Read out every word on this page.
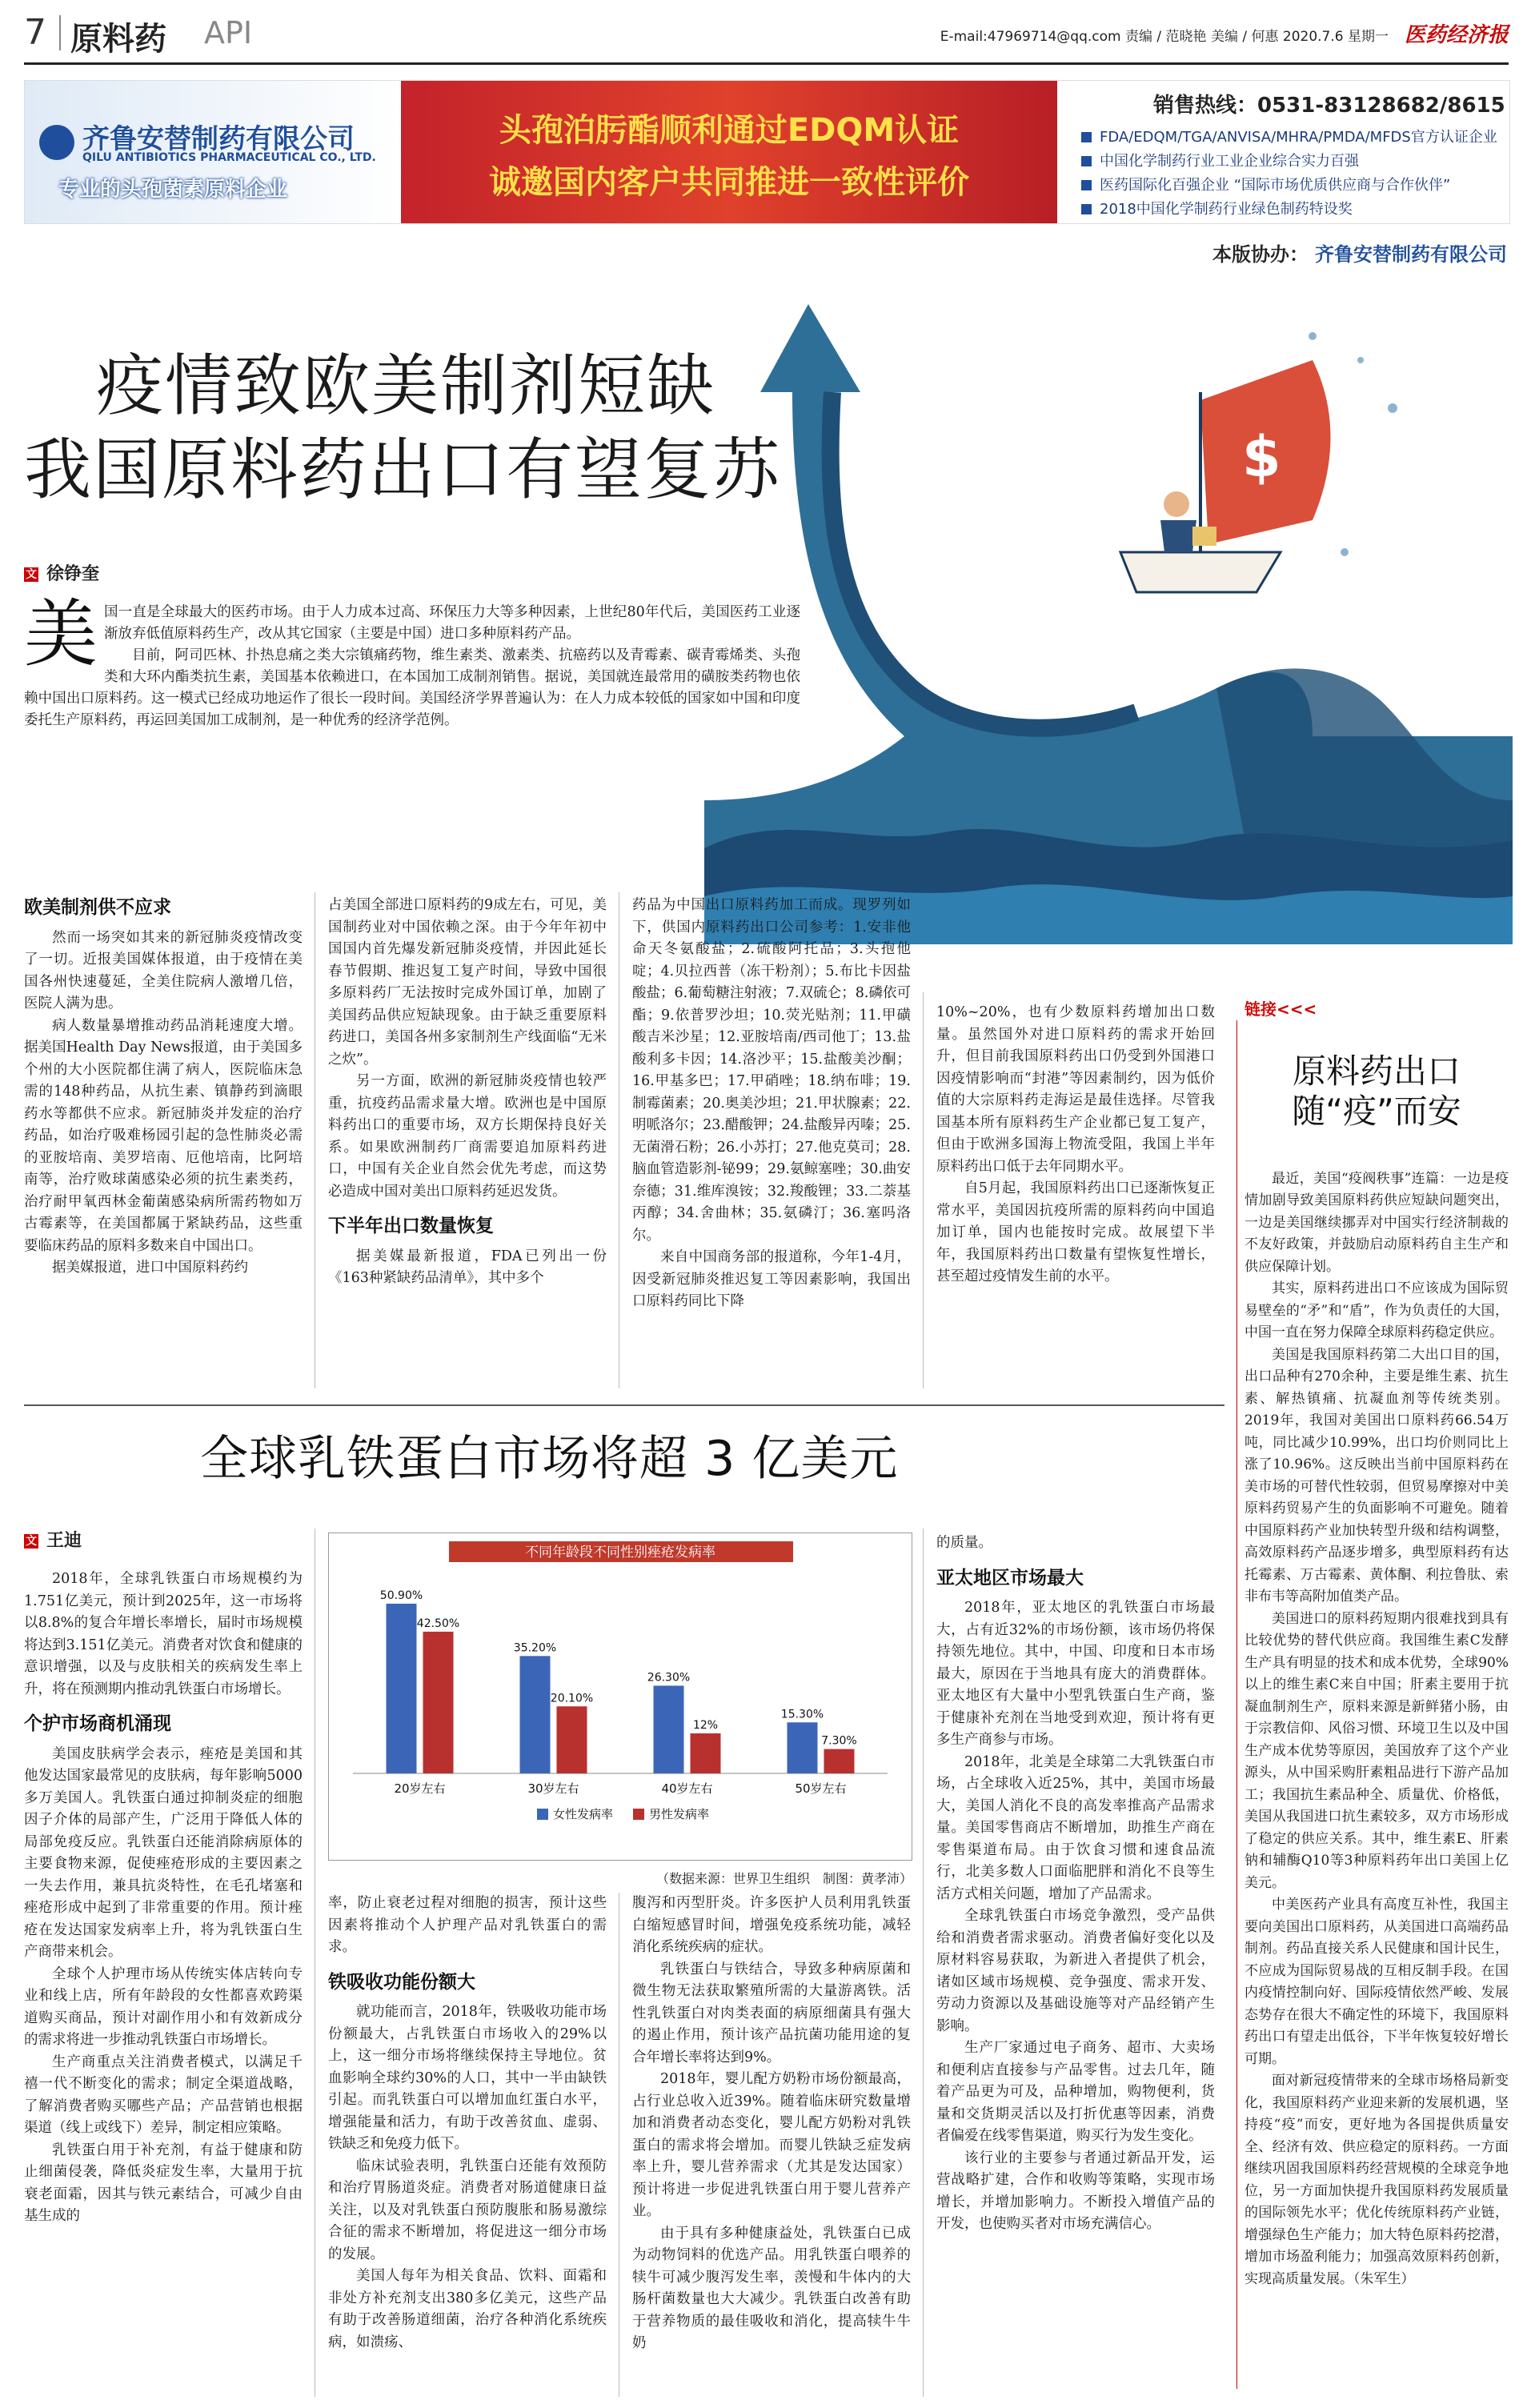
7 原料药 API	E-mail:47969714@qq.com 责编 / 范晓艳 美编 / 何惠 2020.7.6 星期一 医药经济报
齐鲁安替制药有限公司
QILU ANTIBIOTICS PHARMACEUTICAL CO., LTD.
专业的头孢菌素原料企业
头孢泊肟酯顺利通过EDQM认证
诚邀国内客户共同推进一致性评价
销售热线：0531-83128682/8615
FDA/EDQM/TGA/ANVISA/MHRA/PMDA/MFDS官方认证企业
中国化学制药行业工业企业综合实力百强
医药国际化百强企业 “国际市场优质供应商与合作伙伴”
2018中国化学制药行业绿色制药特设奖
本版协办： 齐鲁安替制药有限公司
$
疫情致欧美制剂短缺
我国原料药出口有望复苏
文 徐铮奎
美 国一直是全球最大的医药市场。由于人力成本过高、环保压力大等多种因素，上世纪80年代后，美国医药工业逐渐放弃低值原料药生产，改从其它国家（主要是中国）进口多种原料药产品。

目前，阿司匹林、扑热息痛之类大宗镇痛药物，维生素类、激素类、抗癌药以及青霉素、碳青霉烯类、头孢类和大环内酯类抗生素，美国基本依赖进口，在本国加工成制剂销售。据说，美国就连最常用的磺胺类药物也依赖中国出口原料药。这一模式已经成功地运作了很长一段时间。美国经济学界普遍认为：在人力成本较低的国家如中国和印度委托生产原料药，再运回美国加工成制剂，是一种优秀的经济学范例。

欧美制剂供不应求

然而一场突如其来的新冠肺炎疫情改变了一切。近报美国媒体报道，由于疫情在美国各州快速蔓延，全美住院病人激增几倍，医院人满为患。

病人数量暴增推动药品消耗速度大增。据美国Health Day News报道，由于美国多个州的大小医院都住满了病人，医院临床急需的148种药品，从抗生素、镇静药到滴眼药水等都供不应求。新冠肺炎并发症的治疗药品，如治疗吸难杨园引起的急性肺炎必需的亚胺培南、美罗培南、厄他培南，比阿培南等，治疗败球菌感染必须的抗生素类药，治疗耐甲氧西林金葡菌感染病所需药物如万古霉素等，在美国都属于紧缺药品，这些重要临床药品的原料多数来自中国出口。

据美媒报道，进口中国原料药约

占美国全部进口原料药的9成左右，可见，美国制药业对中国依赖之深。由于今年年初中国国内首先爆发新冠肺炎疫情，并因此延长春节假期、推迟复工复产时间，导致中国很多原料药厂无法按时完成外国订单，加剧了美国药品供应短缺现象。由于缺乏重要原料药进口，美国各州多家制剂生产线面临“无米之炊”。

另一方面，欧洲的新冠肺炎疫情也较严重，抗疫药品需求量大增。欧洲也是中国原料药出口的重要市场，双方长期保持良好关系。如果欧洲制药厂商需要追加原料药进口，中国有关企业自然会优先考虑，而这势必造成中国对美出口原料药延迟发货。

下半年出口数量恢复

据美媒最新报道，FDA已列出一份《163种紧缺药品清单》，其中多个

药品为中国出口原料药加工而成。现罗列如下，供国内原料药出口公司参考：1.安非他命天冬氨酸盐；2.硫酸阿托品；3.头孢他啶；4.贝拉西普（冻干粉剂）；5.布比卡因盐酸盐；6.葡萄糖注射液；7.双硫仑；8.磷依可酯；9.依普罗沙坦；10.荧光贴剂；11.甲磺酸吉米沙星；12.亚胺培南/西司他丁；13.盐酸利多卡因；14.洛沙平；15.盐酸美沙酮；16.甲基多巴；17.甲硝唑；18.纳布啡；19.制霉菌素；20.奥美沙坦；21.甲状腺素；22.明哌洛尔；23.醋酸钾；24.盐酸异丙嗪；25.无菌滑石粉；26.小苏打；27.他克莫司；28.脑血管造影剂-铋99；29.氨鲸塞唑；30.曲安奈德；31.维库溴铵；32.羧酸锂；33.二萘基丙醇；34.舍曲林；35.氨磷汀；36.塞吗洛尔。

来自中国商务部的报道称，今年1-4月，因受新冠肺炎推迟复工等因素影响，我国出口原料药同比下降

10%~20%，也有少数原料药增加出口数量。虽然国外对进口原料药的需求开始回升，但目前我国原料药出口仍受到外国港口因疫情影响而“封港”等因素制约，因为低价值的大宗原料药走海运是最佳选择。尽管我国基本所有原料药生产企业都已复工复产，但由于欧洲多国海上物流受阻，我国上半年原料药出口低于去年同期水平。

自5月起，我国原料药出口已逐渐恢复正常水平，美国因抗疫所需的原料药向中国追加订单，国内也能按时完成。故展望下半年，我国原料药出口数量有望恢复性增长，甚至超过疫情发生前的水平。

链接<<<
原料药出口
随“疫”而安

最近，美国“疫阀秩事”连篇：一边是疫情加剧导致美国原料药供应短缺问题突出，一边是美国继续挪弄对中国实行经济制裁的不友好政策，并鼓励启动原料药自主生产和供应保障计划。

其实，原料药进出口不应该成为国际贸易壁垒的“矛”和“盾”，作为负责任的大国，中国一直在努力保障全球原料药稳定供应。

美国是我国原料药第二大出口目的国，出口品种有270余种，主要是维生素、抗生素、解热镇痛、抗凝血剂等传统类别。2019年，我国对美国出口原料药66.54万吨，同比减少10.99%，出口均价则同比上涨了10.96%。这反映出当前中国原料药在美市场的可替代性较弱，但贸易摩擦对中美原料药贸易产生的负面影响不可避免。随着中国原料药产业加快转型升级和结构调整，高效原料药产品逐步增多，典型原料药有达托霉素、万古霉素、黄体酮、利拉鲁肽、索非布韦等高附加值类产品。

美国进口的原料药短期内很难找到具有比较优势的替代供应商。我国维生素C发酵生产具有明显的技术和成本优势，全球90%以上的维生素C来自中国；肝素主要用于抗凝血制剂生产，原料来源是新鲜猪小肠，由于宗教信仰、风俗习惯、环境卫生以及中国生产成本优势等原因，美国放弃了这个产业源头，从中国采购肝素粗品进行下游产品加工；我国抗生素品种全、质量优、价格低，美国从我国进口抗生素较多，双方市场形成了稳定的供应关系。其中，维生素E、肝素钠和辅酶Q10等3种原料药年出口美国上亿美元。

中美医药产业具有高度互补性，我国主要向美国出口原料药，从美国进口高端药品制剂。药品直接关系人民健康和国计民生，不应成为国际贸易战的互相反制手段。在国内疫情控制向好、国际疫情依然严峻、发展态势存在很大不确定性的环境下，我国原料药出口有望走出低谷，下半年恢复较好增长可期。

面对新冠疫情带来的全球市场格局新变化，我国原料药产业迎来新的发展机遇，坚持疫“疫”而安，更好地为各国提供质量安全、经济有效、供应稳定的原料药。一方面继续巩固我国原料药经营规模的全球竞争地位，另一方面加快提升我国原料药发展质量的国际领先水平；优化传统原料药产业链，增强绿色生产能力；加大特色原料药挖潜，增加市场盈利能力；加强高效原料药创新，实现高质量发展。（朱军生）

全球乳铁蛋白市场将超 3 亿美元
文 王迪

2018年，全球乳铁蛋白市场规模约为1.751亿美元，预计到2025年，这一市场将以8.8%的复合年增长率增长，届时市场规模将达到3.151亿美元。消费者对饮食和健康的意识增强，以及与皮肤相关的疾病发生率上升，将在预测期内推动乳铁蛋白市场增长。

个护市场商机涌现

美国皮肤病学会表示，痤疮是美国和其他发达国家最常见的皮肤病，每年影响5000多万美国人。乳铁蛋白通过抑制炎症的细胞因子介体的局部产生，广泛用于降低人体的局部免疫反应。乳铁蛋白还能消除病原体的主要食物来源，促使痤疮形成的主要因素之一失去作用，兼具抗炎特性，在毛孔堵塞和痤疮形成中起到了非常重要的作用。预计痤疮在发达国家发病率上升，将为乳铁蛋白生产商带来机会。

全球个人护理市场从传统实体店转向专业和线上店，所有年龄段的女性都喜欢跨渠道购买商品，预计对副作用小和有效新成分的需求将进一步推动乳铁蛋白市场增长。

生产商重点关注消费者模式，以满足千禧一代不断变化的需求；制定全渠道战略，了解消费者购买哪些产品；产品营销也根据渠道（线上或线下）差异，制定相应策略。

乳铁蛋白用于补充剂，有益于健康和防止细菌侵袭，降低炎症发生率，大量用于抗衰老面霜，因其与铁元素结合，可减少自由基生成的

不同年龄段不同性别痤疮发病率
50.90%
42.50%
20岁左右
35.20%
20.10%
30岁左右
26.30%
12%
40岁左右
15.30%
7.30%
50岁左右
女性发病率	男性发病率
（数据来源：世界卫生组织　制图：黄孝沛）

率，防止衰老过程对细胞的损害，预计这些因素将推动个人护理产品对乳铁蛋白的需求。

铁吸收功能份额大

就功能而言，2018年，铁吸收功能市场份额最大，占乳铁蛋白市场收入的29%以上，这一细分市场将继续保持主导地位。贫血影响全球约30%的人口，其中一半由缺铁引起。而乳铁蛋白可以增加血红蛋白水平，增强能量和活力，有助于改善贫血、虚弱、铁缺乏和免疫力低下。

临床试验表明，乳铁蛋白还能有效预防和治疗胃肠道炎症。消费者对肠道健康日益关注，以及对乳铁蛋白预防腹胀和肠易激综合征的需求不断增加，将促进这一细分市场的发展。

美国人每年为相关食品、饮料、面霜和非处方补充剂支出380多亿美元，这些产品有助于改善肠道细菌，治疗各种消化系统疾病，如溃疡、

腹泻和丙型肝炎。许多医护人员利用乳铁蛋白缩短感冒时间，增强免疫系统功能，减轻消化系统疾病的症状。

乳铁蛋白与铁结合，导致多种病原菌和微生物无法获取繁殖所需的大量游离铁。活性乳铁蛋白对肉类表面的病原细菌具有强大的遏止作用，预计该产品抗菌功能用途的复合年增长率将达到9%。

2018年，婴儿配方奶粉市场份额最高，占行业总收入近39%。随着临床研究数量增加和消费者动态变化，婴儿配方奶粉对乳铁蛋白的需求将会增加。而婴儿铁缺乏症发病率上升，婴儿营养需求（尤其是发达国家）预计将进一步促进乳铁蛋白用于婴儿营养产业。

由于具有多种健康益处，乳铁蛋白已成为动物饲料的优选产品。用乳铁蛋白喂养的犊牛可减少腹泻发生率，羡慢和牛体内的大肠杆菌数量也大大减少。乳铁蛋白改善有助于营养物质的最佳吸收和消化，提高犊牛牛奶

的质量。

亚太地区市场最大

2018年，亚太地区的乳铁蛋白市场最大，占有近32%的市场份额，该市场仍将保持领先地位。其中，中国、印度和日本市场最大，原因在于当地具有庞大的消费群体。亚太地区有大量中小型乳铁蛋白生产商，鉴于健康补充剂在当地受到欢迎，预计将有更多生产商参与市场。

2018年，北美是全球第二大乳铁蛋白市场，占全球收入近25%，其中，美国市场最大，美国人消化不良的高发率推高产品需求量。美国零售商店不断增加，助推生产商在零售渠道布局。由于饮食习惯和速食品流行，北美多数人口面临肥胖和消化不良等生活方式相关问题，增加了产品需求。

全球乳铁蛋白市场竞争激烈，受产品供给和消费者需求驱动。消费者偏好变化以及原材料容易获取，为新进入者提供了机会，诸如区域市场规模、竞争强度、需求开发、劳动力资源以及基础设施等对产品经销产生影响。

生产厂家通过电子商务、超市、大卖场和便利店直接参与产品零售。过去几年，随着产品更为可及，品种增加，购物便利，货量和交货期灵活以及打折优惠等因素，消费者偏爱在线零售渠道，购买行为发生变化。

该行业的主要参与者通过新品开发，运营战略扩建，合作和收购等策略，实现市场增长，并增加影响力。不断投入增值产品的开发，也使购买者对市场充满信心。
